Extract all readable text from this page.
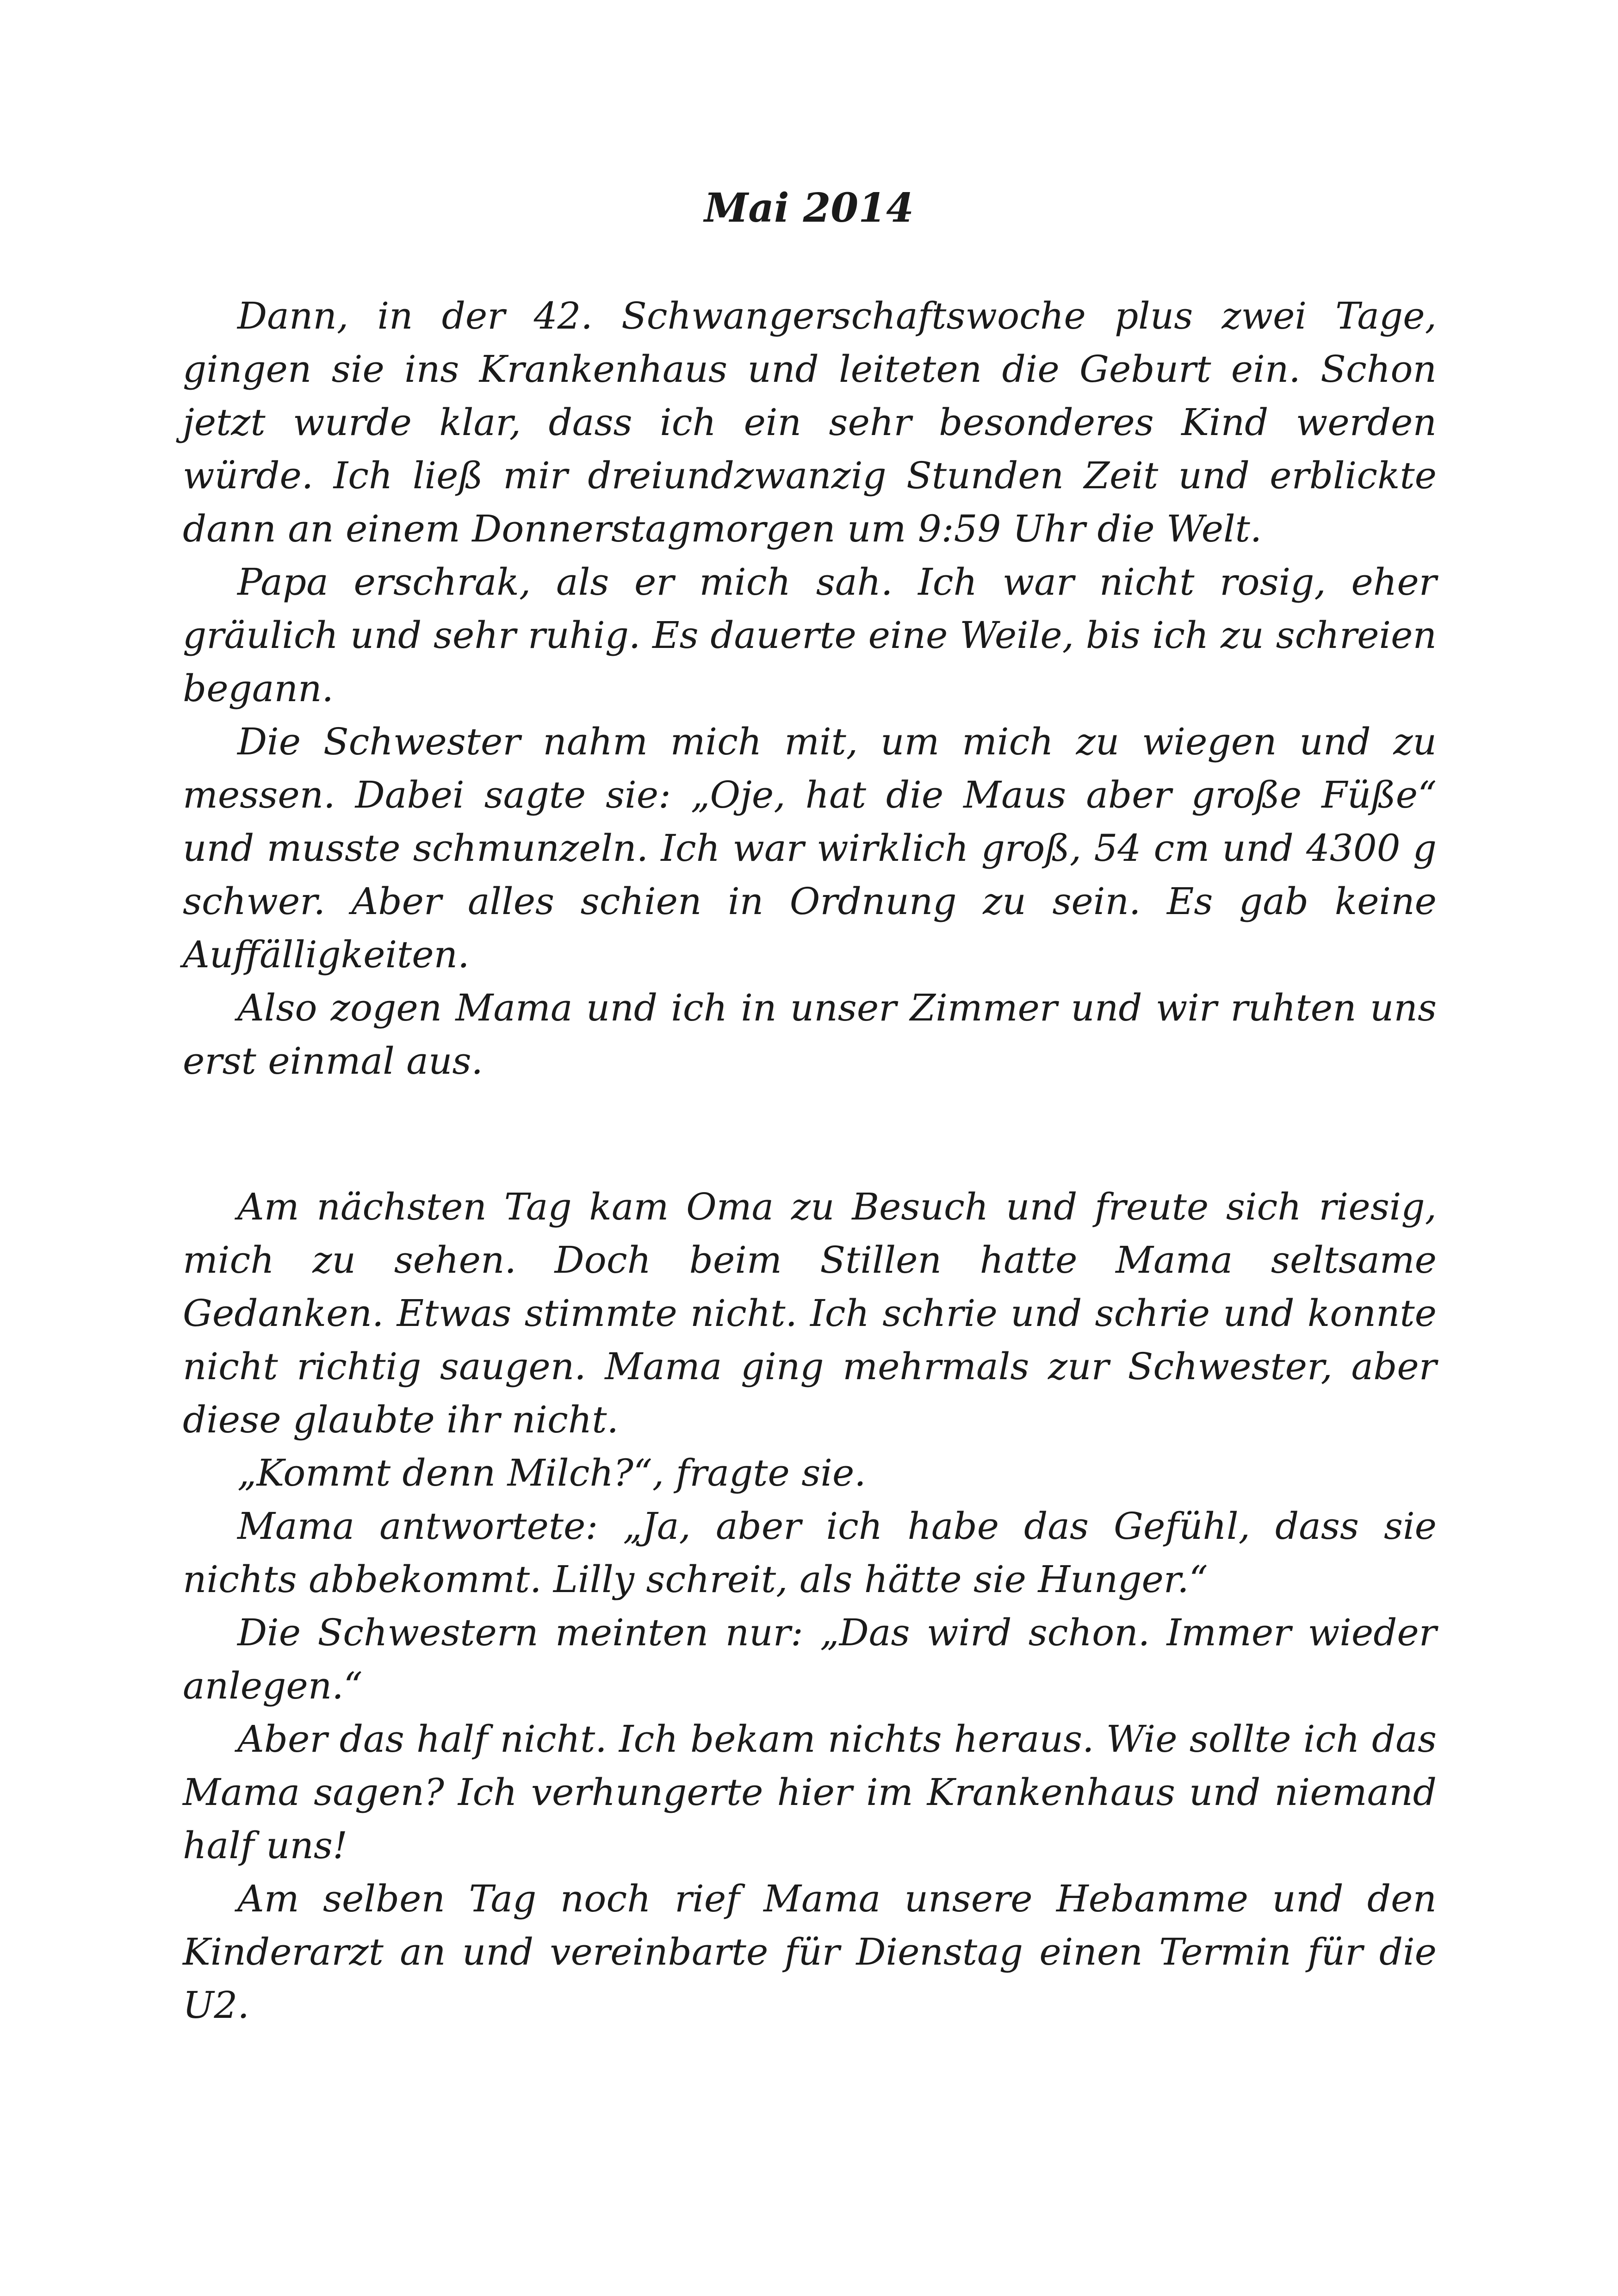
Mai 2014

Dann, in der 42. Schwangerschaftswoche plus zwei Tage, gingen sie ins Krankenhaus und leiteten die Geburt ein. Schon jetzt wurde klar, dass ich ein sehr besonderes Kind werden würde. Ich ließ mir dreiundzwanzig Stunden Zeit und erblickte dann an einem Donnerstagmorgen um 9:59 Uhr die Welt.

Papa erschrak, als er mich sah. Ich war nicht rosig, eher gräulich und sehr ruhig. Es dauerte eine Weile, bis ich zu schreien begann.

Die Schwester nahm mich mit, um mich zu wiegen und zu messen. Dabei sagte sie: „Oje, hat die Maus aber große Füße“ und musste schmunzeln. Ich war wirklich groß, 54 cm und 4300 g schwer. Aber alles schien in Ordnung zu sein. Es gab keine Auffälligkeiten.

Also zogen Mama und ich in unser Zimmer und wir ruhten uns erst einmal aus.

Am nächsten Tag kam Oma zu Besuch und freute sich riesig, mich zu sehen. Doch beim Stillen hatte Mama seltsame Gedanken. Etwas stimmte nicht. Ich schrie und schrie und konnte nicht richtig saugen. Mama ging mehrmals zur Schwester, aber diese glaubte ihr nicht.

„Kommt denn Milch?“, fragte sie.

Mama antwortete: „Ja, aber ich habe das Gefühl, dass sie nichts abbekommt. Lilly schreit, als hätte sie Hunger.“

Die Schwestern meinten nur: „Das wird schon. Immer wieder anlegen.“

Aber das half nicht. Ich bekam nichts heraus. Wie sollte ich das Mama sagen? Ich verhungerte hier im Krankenhaus und niemand half uns!

Am selben Tag noch rief Mama unsere Hebamme und den Kinderarzt an und vereinbarte für Dienstag einen Termin für die U2.
